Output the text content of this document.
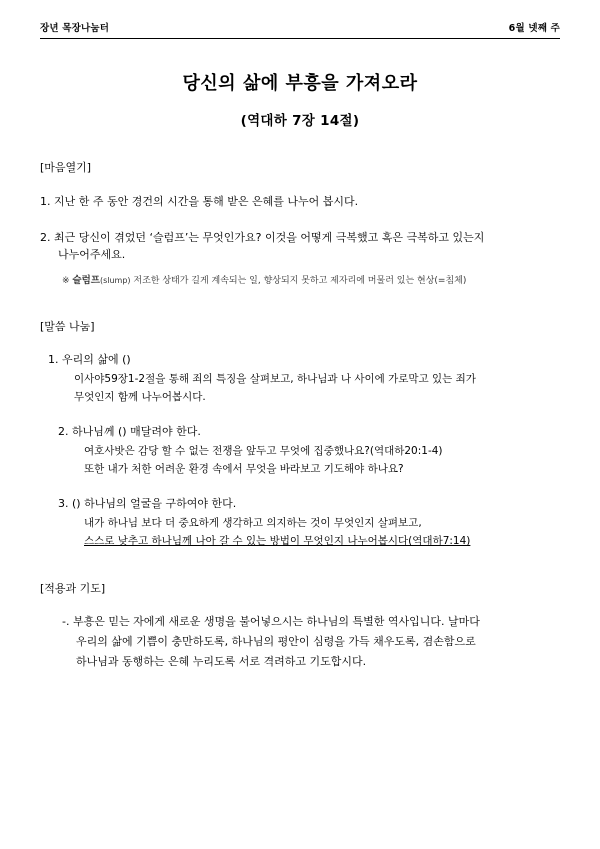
장년 목장나눔터	6월 넷째 주
당신의 삶에 부흥을 가져오라
(역대하 7장 14절)
[마음열기]
1. 지난 한 주 동안 경건의 시간을 통해 받은 은혜를 나누어 봅시다.
2. 최근 당신이 겪었던 ‘슬럼프’는 무엇인가요? 이것을 어떻게 극복했고 혹은 극복하고 있는지
나누어주세요.
※ 슬럼프(slump) 저조한 상태가 길게 계속되는 일, 향상되지 못하고 제자리에 머물러 있는 현상(=침체)
[말씀 나눔]
1. 우리의 삶에 ()
이사야59장1-2절을 통해 죄의 특징을 살펴보고, 하나님과 나 사이에 가로막고 있는 죄가
무엇인지 함께 나누어봅시다.
2. 하나님께 () 매달려야 한다.
여호사밧은 감당 할 수 없는 전쟁을 앞두고 무엇에 집중했나요?(역대하20:1-4)
또한 내가 처한 어려운 환경 속에서 무엇을 바라보고 기도해야 하나요?
3. () 하나님의 얼굴을 구하여야 한다.
내가 하나님 보다 더 중요하게 생각하고 의지하는 것이 무엇인지 살펴보고,
스스로 낮추고 하나님께 나아 갈 수 있는 방법이 무엇인지 나누어봅시다(역대하7:14)
[적용과 기도]
-. 부흥은 믿는 자에게 새로운 생명을 불어넣으시는 하나님의 특별한 역사입니다. 날마다
우리의 삶에 기쁨이 충만하도록, 하나님의 평안이 심령을 가득 채우도록, 겸손함으로
하나님과 동행하는 은혜 누리도록 서로 격려하고 기도합시다.
